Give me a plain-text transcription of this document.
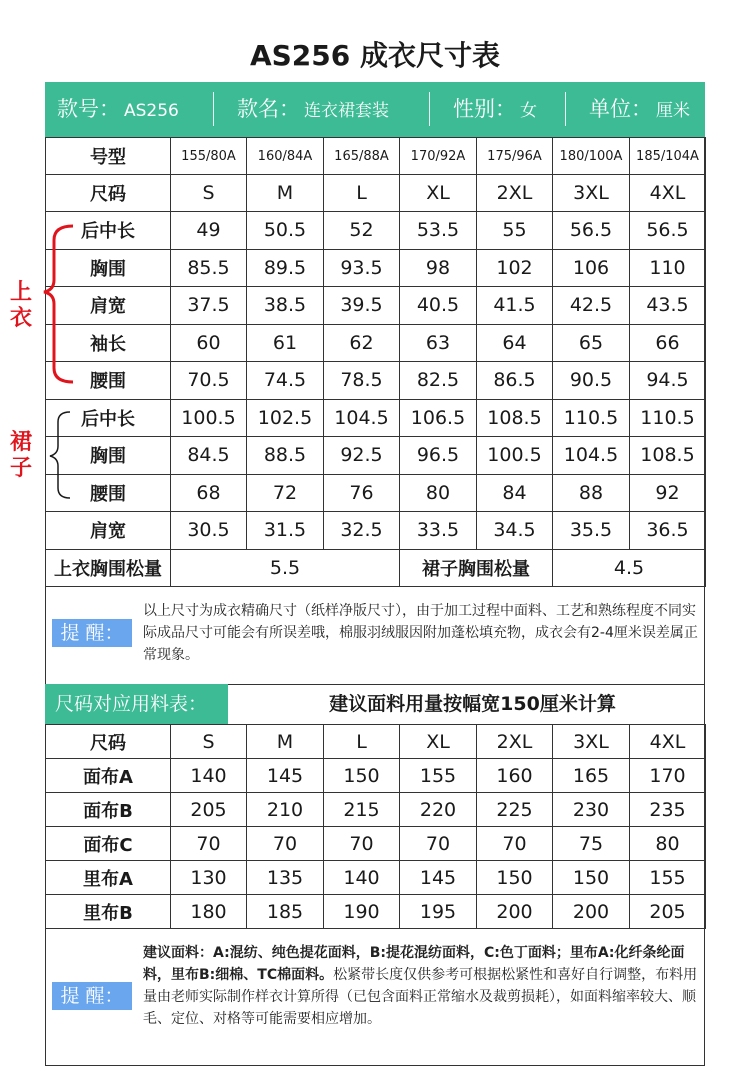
AS256 成衣尺寸表
款号： AS256	款名： 连衣裙套装	性别： 女 单位： 厘米
号型	155/80A	160/84A	165/88A	170/92A	175/96A	180/100A	185/104A
尺码	S	M	L	XL	2XL	3XL	4XL
后中长	49	50.5	52	53.5	55	56.5	56.5
胸围	85.5	89.5	93.5	98	102	106	110
肩宽	37.5	38.5	39.5	40.5	41.5	42.5	43.5
袖长	60	61	62	63	64	65	66
腰围	70.5	74.5	78.5	82.5	86.5	90.5	94.5
后中长	100.5	102.5	104.5	106.5	108.5	110.5	110.5
胸围	84.5	88.5	92.5	96.5	100.5	104.5	108.5
腰围	68	72	76	80	84	88	92
肩宽	30.5	31.5	32.5	33.5	34.5	35.5	36.5
上衣胸围松量	5.5			裙子胸围松量		4.5	
上衣
裙子
提 醒：
以上尺寸为成衣精确尺寸（纸样净版尺寸），由于加工过程中面料、工艺和熟练程度不同实际成品尺寸可能会有所误差哦，棉服羽绒服因附加蓬松填充物，成衣会有2-4厘米误差属正常现象。
尺码对应用料表：	建议面料用量按幅宽150厘米计算
尺码	S	M	L	XL	2XL	3XL	4XL
面布A	140	145	150	155	160	165	170
面布B	205	210	215	220	225	230	235
面布C	70	70	70	70	70	75	80
里布A	130	135	140	145	150	150	155
里布B	180	185	190	195	200	200	205
提 醒：
建议面料：A:混纺、纯色提花面料，B:提花混纺面料，C:色丁面料；里布A:化纤条纶面料，里布B:细棉、TC棉面料。松紧带长度仅供参考可根据松紧性和喜好自行调整，布料用量由老师实际制作样衣计算所得（已包含面料正常缩水及裁剪损耗），如面料缩率较大、顺毛、定位、对格等可能需要相应增加。
